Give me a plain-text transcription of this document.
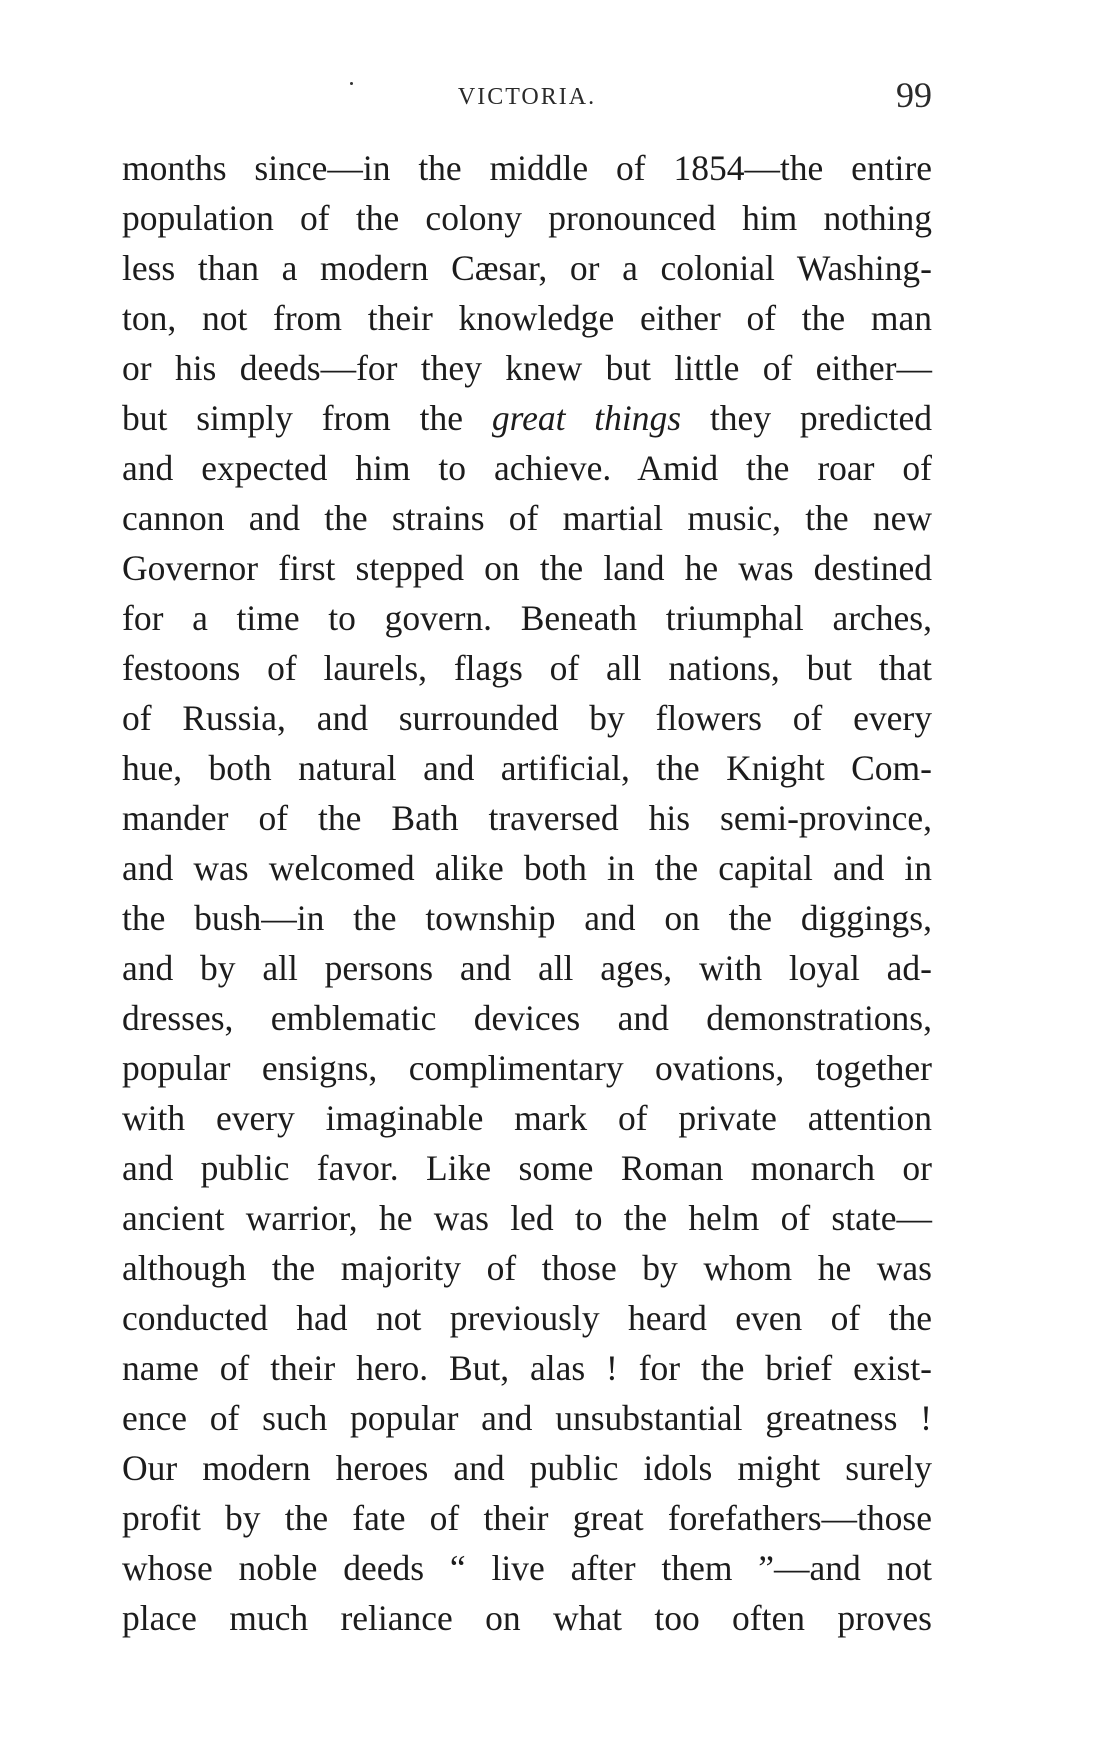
VICTORIA.	99
months since—in the middle of 1854—the entire
population of the colony pronounced him nothing
less than a modern Cæsar, or a colonial Washing-
ton, not from their knowledge either of the man
or his deeds—for they knew but little of either—
but simply from the great things they predicted
and expected him to achieve. Amid the roar of
cannon and the strains of martial music, the new
Governor first stepped on the land he was destined
for a time to govern. Beneath triumphal arches,
festoons of laurels, flags of all nations, but that
of Russia, and surrounded by flowers of every
hue, both natural and artificial, the Knight Com-
mander of the Bath traversed his semi-province,
and was welcomed alike both in the capital and in
the bush—in the township and on the diggings,
and by all persons and all ages, with loyal ad-
dresses, emblematic devices and demonstrations,
popular ensigns, complimentary ovations, together
with every imaginable mark of private attention
and public favor. Like some Roman monarch or
ancient warrior, he was led to the helm of state—
although the majority of those by whom he was
conducted had not previously heard even of the
name of their hero. But, alas ! for the brief exist-
ence of such popular and unsubstantial greatness !
Our modern heroes and public idols might surely
profit by the fate of their great forefathers—those
whose noble deeds “ live after them ”—and not
place much reliance on what too often proves
